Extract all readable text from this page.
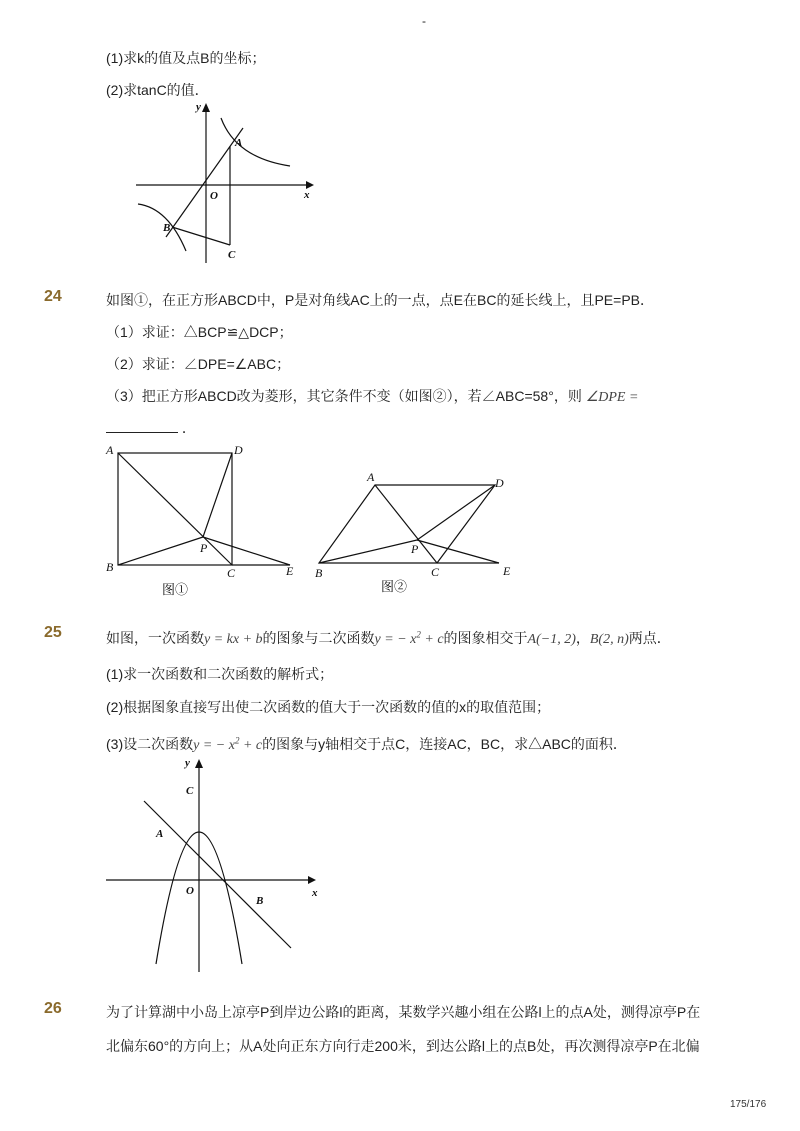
-
(1)求k的值及点B的坐标；
(2)求tanC的值．
y
x
O
A
B
C
24	如图①，在正方形ABCD中，P是对角线AC上的一点，点E在BC的延长线上，且PE=PB．
（1）求证：△BCP≌△DCP；
（2）求证：∠DPE=∠ABC；
（3）把正方形ABCD改为菱形，其它条件不变（如图②），若∠ABC=58°，则 ∠DPE =
．
A	D
B	C	E
P
图①
A	D
B	C	E
P
图②
25	如图，一次函数y = kx + b的图象与二次函数y = − $x^2 + c$的图象相交于A(−1, 2)，B(2, n)两点．
(1)求一次函数和二次函数的解析式；
(2)根据图象直接写出使二次函数的值大于一次函数的值的x的取值范围；
(3)设二次函数y = − $x^2 + c$的图象与y轴相交于点C，连接AC，BC，求△ABC的面积．
y
x
O
C
A
B
26	为了计算湖中小岛上凉亭P到岸边公路l的距离，某数学兴趣小组在公路l上的点A处，测得凉亭P在
北偏东60°的方向上；从A处向正东方向行走200米，到达公路l上的点B处，再次测得凉亭P在北偏
175/176
